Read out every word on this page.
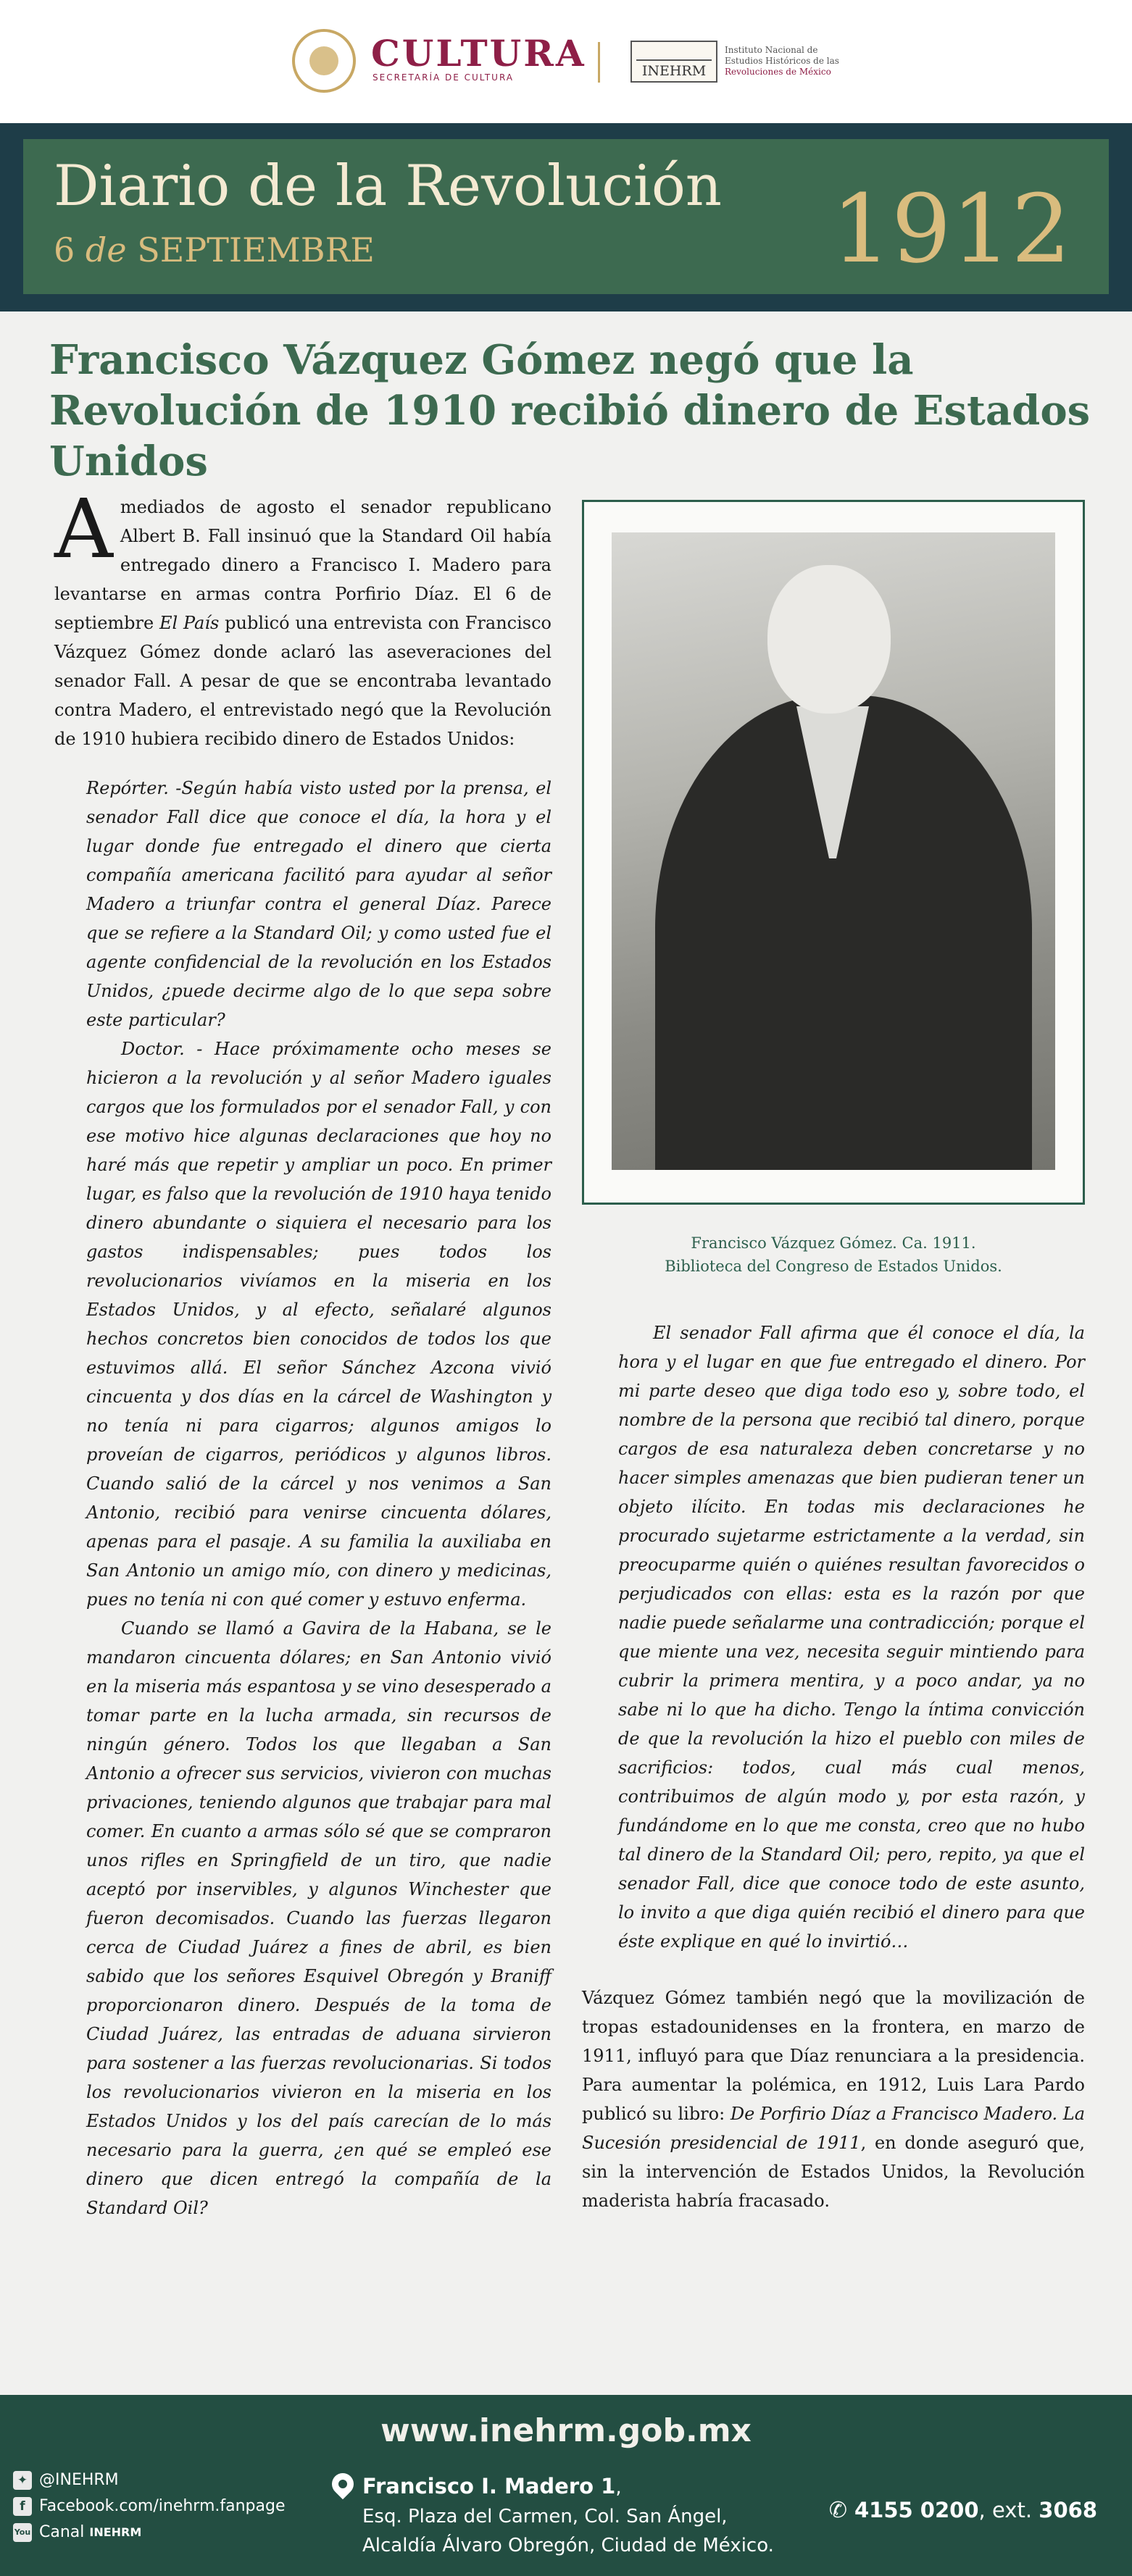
CULTURA
SECRETARÍA DE CULTURA	INEHRM
Instituto Nacional de
Estudios Históricos de las
Revoluciones de México
Diario de la Revolución
6 de SEPTIEMBRE	1912
Francisco Vázquez Gómez negó que la Revolución de 1910 recibió dinero de Estados Unidos

A mediados de agosto el senador republicano Albert B. Fall insinuó que la Standard Oil había entregado dinero a Francisco I. Madero para levantarse en armas contra Porfirio Díaz. El 6 de septiembre El País publicó una entrevista con Francisco Vázquez Gómez donde aclaró las aseveraciones del senador Fall. A pesar de que se encontraba levantado contra Madero, el entrevistado negó que la Revolución de 1910 hubiera recibido dinero de Estados Unidos:

Repórter. -Según había visto usted por la prensa, el senador Fall dice que conoce el día, la hora y el lugar donde fue entregado el dinero que cierta compañía americana facilitó para ayudar al señor Madero a triunfar contra el general Díaz. Parece que se refiere a la Standard Oil; y como usted fue el agente confidencial de la revolución en los Estados Unidos, ¿puede decirme algo de lo que sepa sobre este particular?

Doctor. - Hace próximamente ocho meses se hicieron a la revolución y al señor Madero iguales cargos que los formulados por el senador Fall, y con ese motivo hice algunas declaraciones que hoy no haré más que repetir y ampliar un poco. En primer lugar, es falso que la revolución de 1910 haya tenido dinero abundante o siquiera el necesario para los gastos indispensables; pues todos los revolucionarios vivíamos en la miseria en los Estados Unidos, y al efecto, señalaré algunos hechos concretos bien conocidos de todos los que estuvimos allá. El señor Sánchez Azcona vivió cincuenta y dos días en la cárcel de Washington y no tenía ni para cigarros; algunos amigos lo proveían de cigarros, periódicos y algunos libros. Cuando salió de la cárcel y nos venimos a San Antonio, recibió para venirse cincuenta dólares, apenas para el pasaje. A su familia la auxiliaba en San Antonio un amigo mío, con dinero y medicinas, pues no tenía ni con qué comer y estuvo enferma.

Cuando se llamó a Gavira de la Habana, se le mandaron cincuenta dólares; en San Antonio vivió en la miseria más espantosa y se vino desesperado a tomar parte en la lucha armada, sin recursos de ningún género. Todos los que llegaban a San Antonio a ofrecer sus servicios, vivieron con muchas privaciones, teniendo algunos que trabajar para mal comer. En cuanto a armas sólo sé que se compraron unos rifles en Springfield de un tiro, que nadie aceptó por inservibles, y algunos Winchester que fueron decomisados. Cuando las fuerzas llegaron cerca de Ciudad Juárez a fines de abril, es bien sabido que los señores Esquivel Obregón y Braniff proporcionaron dinero. Después de la toma de Ciudad Juárez, las entradas de aduana sirvieron para sostener a las fuerzas revolucionarias. Si todos los revolucionarios vivieron en la miseria en los Estados Unidos y los del país carecían de lo más necesario para la guerra, ¿en qué se empleó ese dinero que dicen entregó la compañía de la Standard Oil?

Francisco Vázquez Gómez. Ca. 1911.
Biblioteca del Congreso de Estados Unidos.

El senador Fall afirma que él conoce el día, la hora y el lugar en que fue entregado el dinero. Por mi parte deseo que diga todo eso y, sobre todo, el nombre de la persona que recibió tal dinero, porque cargos de esa naturaleza deben concretarse y no hacer simples amenazas que bien pudieran tener un objeto ilícito. En todas mis declaraciones he procurado sujetarme estrictamente a la verdad, sin preocuparme quién o quiénes resultan favorecidos o perjudicados con ellas: esta es la razón por que nadie puede señalarme una contradicción; porque el que miente una vez, necesita seguir mintiendo para cubrir la primera mentira, y a poco andar, ya no sabe ni lo que ha dicho. Tengo la íntima convicción de que la revolución la hizo el pueblo con miles de sacrificios: todos, cual más cual menos, contribuimos de algún modo y, por esta razón, y fundándome en lo que me consta, creo que no hubo tal dinero de la Standard Oil; pero, repito, ya que el senador Fall, dice que conoce todo de este asunto, lo invito a que diga quién recibió el dinero para que éste explique en qué lo invirtió…

Vázquez Gómez también negó que la movilización de tropas estadounidenses en la frontera, en marzo de 1911, influyó para que Díaz renunciara a la presidencia. Para aumentar la polémica, en 1912, Luis Lara Pardo publicó su libro: De Porfirio Díaz a Francisco Madero. La Sucesión presidencial de 1911, en donde aseguró que, sin la intervención de Estados Unidos, la Revolución maderista habría fracasado.

www.inehrm.gob.mx
✦ @INEHRM
f Facebook.com/inehrm.fanpage
You Canal
INEHRM
Francisco I. Madero 1,
Esq. Plaza del Carmen, Col. San Ángel,
Alcaldía Álvaro Obregón, Ciudad de México.
✆ 4155 0200, ext. 3068
